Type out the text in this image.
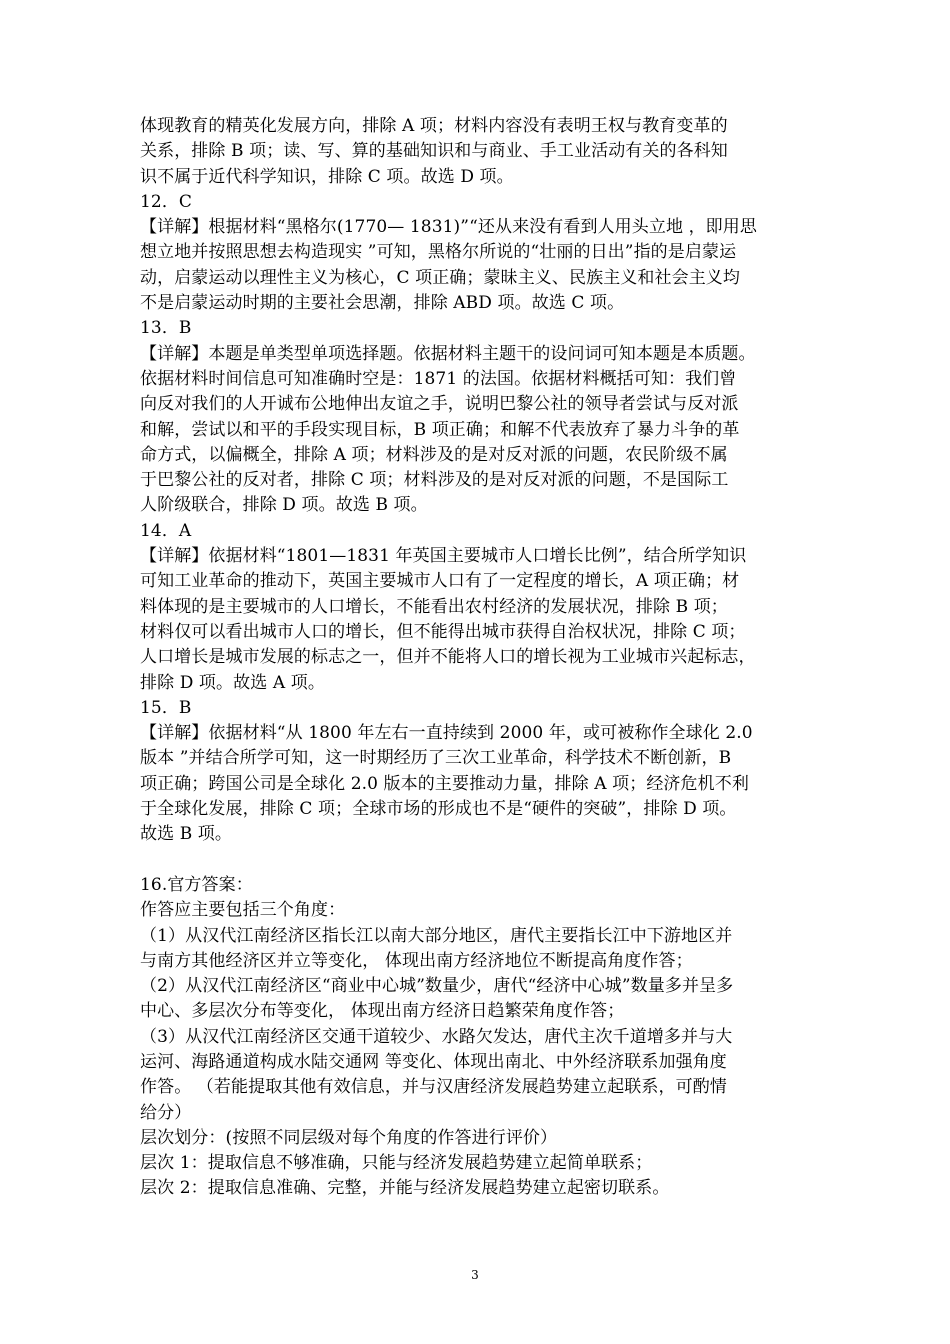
体现教育的精英化发展方向，排除 A 项；材料内容没有表明王权与教育变革的
关系，排除 B 项；读、写、算的基础知识和与商业、手工业活动有关的各科知
识不属于近代科学知识，排除 C 项。故选 D 项。
12．C
【详解】根据材料“黑格尔(1770— 1831)”“还从来没有看到人用头立地 ，即用思
想立地并按照思想去构造现实 ”可知，黑格尔所说的“壮丽的日出”指的是启蒙运
动，启蒙运动以理性主义为核心，C 项正确；蒙昧主义、民族主义和社会主义均
不是启蒙运动时期的主要社会思潮，排除 ABD 项。故选 C 项。
13．B
【详解】本题是单类型单项选择题。依据材料主题干的设问词可知本题是本质题。
依据材料时间信息可知准确时空是：1871 的法国。依据材料概括可知：我们曾
向反对我们的人开诚布公地伸出友谊之手，说明巴黎公社的领导者尝试与反对派
和解，尝试以和平的手段实现目标，B 项正确；和解不代表放弃了暴力斗争的革
命方式，以偏概全，排除 A 项；材料涉及的是对反对派的问题，农民阶级不属
于巴黎公社的反对者，排除 C 项；材料涉及的是对反对派的问题，不是国际工
人阶级联合，排除 D 项。故选 B 项。
14．A
【详解】依据材料“1801—1831 年英国主要城市人口增长比例”，结合所学知识
可知工业革命的推动下，英国主要城市人口有了一定程度的增长，A 项正确；材
料体现的是主要城市的人口增长，不能看出农村经济的发展状况，排除 B 项；
材料仅可以看出城市人口的增长，但不能得出城市获得自治权状况，排除 C 项；
人口增长是城市发展的标志之一，但并不能将人口的增长视为工业城市兴起标志，
排除 D 项。故选 A 项。
15．B
【详解】依据材料“从 1800 年左右一直持续到 2000 年，或可被称作全球化 2.0
版本 ”并结合所学可知，这一时期经历了三次工业革命，科学技术不断创新，B
项正确；跨国公司是全球化 2.0 版本的主要推动力量，排除 A 项；经济危机不利
于全球化发展，排除 C 项；全球市场的形成也不是“硬件的突破”，排除 D 项。
故选 B 项。
16.官方答案：
作答应主要包括三个角度：
（1）从汉代江南经济区指长江以南大部分地区，唐代主要指长江中下游地区并
与南方其他经济区并立等变化， 体现出南方经济地位不断提高角度作答；
（2）从汉代江南经济区“商业中心城”数量少，唐代“经济中心城”数量多并呈多
中心、多层次分布等变化， 体现出南方经济日趋繁荣角度作答；
（3）从汉代江南经济区交通干道较少、水路欠发达，唐代主次千道增多并与大
运河、海路通道构成水陆交通网 等变化、体现出南北、中外经济联系加强角度
作答。 （若能提取其他有效信息，并与汉唐经济发展趋势建立起联系，可酌情
给分）
层次划分：(按照不同层级对每个角度的作答进行评价）
层次 1：提取信息不够准确，只能与经济发展趋势建立起简单联系；
层次 2：提取信息准确、完整，并能与经济发展趋势建立起密切联系。
3
